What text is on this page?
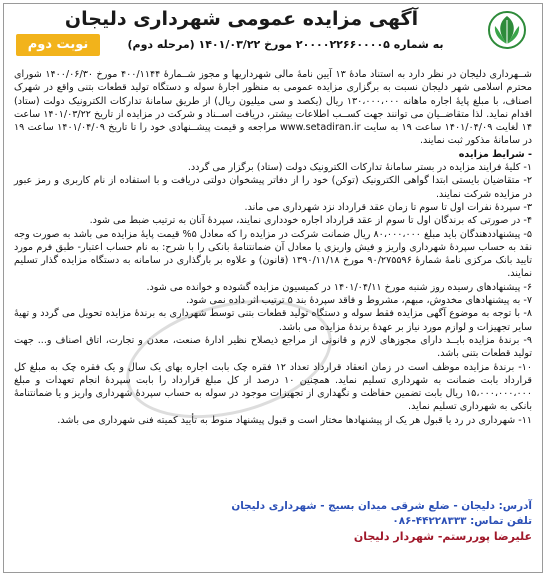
آگهی مزایده عمومی شهرداری دلیجان
به شماره ۲۰۰۰۰۲۲۶۶۰۰۰۰۵ مورخ ۱۴۰۱/۰۳/۲۲ (مرحله دوم)
نوبت دوم

شــهرداری دلیجان در نظر دارد به استناد مادۀ ۱۳ آیین نامۀ مالی شهرداریها و مجوز شــمارۀ ۴۰۰/۱۱۴۴ مورخ ۱۴۰۰/۰۶/۳۰ شورای محترم اسلامی شهر دلیجان نسبت به برگزاری مزایده عمومی به منظور اجارۀ سوله و دستگاه تولید قطعات بتنی واقع در شهرک اصناف، با مبلغ پایۀ اجاره ماهانه ۱۳۰،۰۰۰،۰۰۰ ریال (یکصد و سی میلیون ریال) از طریق سامانۀ تدارکات الکترونیک دولت (ستاد) اقدام نماید. لذا متقاضــیان می توانند جهت کســب اطلاعات بیشتر، دریافت اســناد و شرکت در مزایده از تاریخ ۱۴۰۱/۰۳/۲۲ ساعت ۱۴ لغایت ۱۴۰۱/۰۴/۰۹ ساعت ۱۹ به سایت www.setadiran.ir مراجعه و قیمت پیشــنهادی خود را تا تاریخ ۱۴۰۱/۰۴/۰۹ ساعت ۱۹ در سامانۀ مذکور ثبت نمایند.

- شرایط مزایده

۱- کلیۀ فرایند مزایده در بستر سامانۀ تدارکات الکترونیک دولت (ستاد) برگزار می گردد.

۲- متقاضیان بایستی ابتدا گواهی الکترونیک (توکن) خود را از دفاتر پیشخوان دولتی دریافت و با استفاده از نام کاربری و رمز عبور در مزایده شرکت نمایند.

۳- سپردۀ نفرات اول تا سوم تا زمان عقد قرارداد نزد شهرداری می ماند.

۴- در صورتی که برندگان اول تا سوم از عقد قرارداد اجاره خودداری نمایند، سپردۀ آنان به ترتیب ضبط می شود.

۵- پیشنهاددهندگان باید مبلغ ۸۰،۰۰۰،۰۰۰ ریال ضمانت شرکت در مزایده را که معادل ۵% قیمت پایۀ مزایده می باشد به صورت وجه نقد به حساب سپردۀ شهرداری واریز و فیش واریزی یا معادل آن ضمانتنامۀ بانکی را با شرح: به نام حساب اعتبار- طبق فرم مورد تایید بانک مرکزی نامۀ شمارۀ ۹۰/۲۷۵۵۹۶ مورخ ۱۳۹۰/۱۱/۱۸ (قانون) و علاوه بر بارگذاری در سامانه به دستگاه مزایده گذار تسلیم نمایند.

۶- پیشنهادهای رسیده روز شنبه مورخ ۱۴۰۱/۰۴/۱۱ در کمیسیون مزایده گشوده و خوانده می شود.

۷- به پیشنهادهای مخدوش، مبهم، مشروط و فاقد سپردۀ بند ۵ ترتیب اثر داده نمی شود.

۸- با توجه به موضوع آگهی مزایده فقط سوله و دستگاه تولید قطعات بتنی توسط شهرداری به برندۀ مزایده تحویل می گردد و تهیۀ سایر تجهیزات و لوازم مورد نیاز بر عهدۀ برندۀ مزایده می باشد.

۹- برندۀ مزایده بایــد دارای مجوزهای لازم و قانونی از مراجع ذیصلاح نظیر ادارۀ صنعت، معدن و تجارت، اتاق اصناف و... جهت تولید قطعات بتنی باشد.

۱۰- برندۀ مزایده موظف است در زمان انعقاد قرارداد تعداد ۱۲ فقره چک بابت اجاره بهای یک سال و یک فقره چک به مبلغ کل قرارداد بابت ضمانت به شهرداری تسلیم نماید. همچنین ۱۰ درصد از کل مبلغ قرارداد را بابت سپردۀ انجام تعهدات و مبلغ ۱۵،۰۰۰،۰۰۰،۰۰۰ ریال بابت تضمین حفاظت و نگهداری از تجهیزات موجود در سوله به حساب سپردۀ شهرداری واریز و یا ضمانتنامۀ بانکی به شهرداری تسلیم نماید.

۱۱- شهرداری در رد یا قبول هر یک از پیشنهادها مختار است و قبول پیشنهاد منوط به تأیید کمیته فنی شهرداری می باشد.

آدرس: دلیجان - ضلع شرقی میدان بسیج - شهرداری دلیجان
تلفن تماس: ۴۴۲۲۸۳۳۳-۰۸۶
علیرضا پوررستم- شهردار دلیجان
